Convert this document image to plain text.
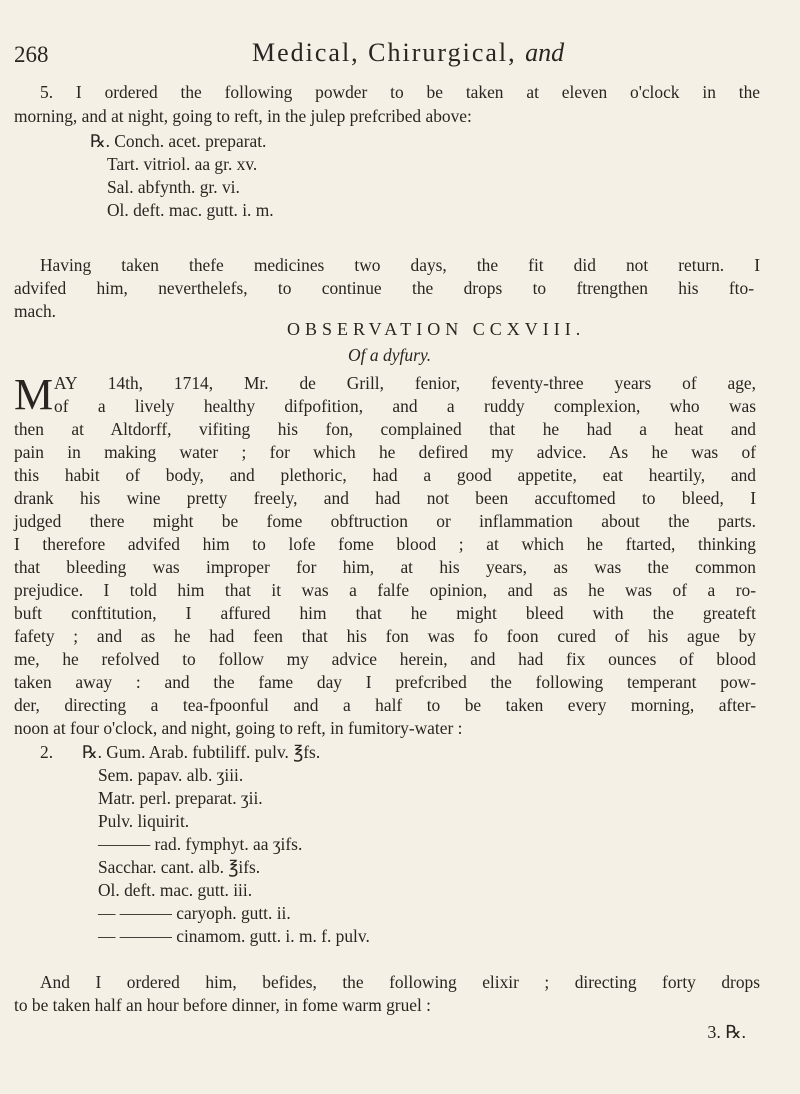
268	Medical, Chirurgical, and

5. I ordered the following powder to be taken at eleven o'clock in the

morning, and at night, going to reft, in the julep prefcribed above:

℞. Conch. acet. preparat.
Tart. vitriol. aa gr. xv.
Sal. abfynth. gr. vi.
Ol. deft. mac. gutt. i. m.

Having taken thefe medicines two days, the fit did not return. I

advifed him, neverthelefs, to continue the drops to ftrengthen his fto-

mach.

OBSERVATION CCXVIII.
Of a dyfury.
M AY 14th, 1714, Mr. de Grill, fenior, feventy-three years of age,

of a lively healthy difpofition, and a ruddy complexion, who was

then at Altdorff, vifiting his fon, complained that he had a heat and

pain in making water ; for which he defired my advice. As he was of

this habit of body, and plethoric, had a good appetite, eat heartily, and

drank his wine pretty freely, and had not been accuftomed to bleed, I

judged there might be fome obftruction or inflammation about the parts.

I therefore advifed him to lofe fome blood ; at which he ftarted, thinking

that bleeding was improper for him, at his years, as was the common

prejudice. I told him that it was a falfe opinion, and as he was of a ro-

buft conftitution, I affured him that he might bleed with the greateft

fafety ; and as he had feen that his fon was fo foon cured of his ague by

me, he refolved to follow my advice herein, and had fix ounces of blood

taken away : and the fame day I prefcribed the following temperant pow-

der, directing a tea-fpoonful and a half to be taken every morning, after-

noon at four o'clock, and night, going to reft, in fumitory-water :

2. ℞. Gum. Arab. fubtiliff. pulv. ℥fs.
Sem. papav. alb. ʒiii.
Matr. perl. preparat. ʒii.
Pulv. liquirit.
——— rad. fymphyt. aa ʒifs.
Sacchar. cant. alb. ℥ifs.
Ol. deft. mac. gutt. iii.
— ——— caryoph. gutt. ii.
— ——— cinamom. gutt. i. m. f. pulv.

And I ordered him, befides, the following elixir ; directing forty drops

to be taken half an hour before dinner, in fome warm gruel :

3. ℞.
